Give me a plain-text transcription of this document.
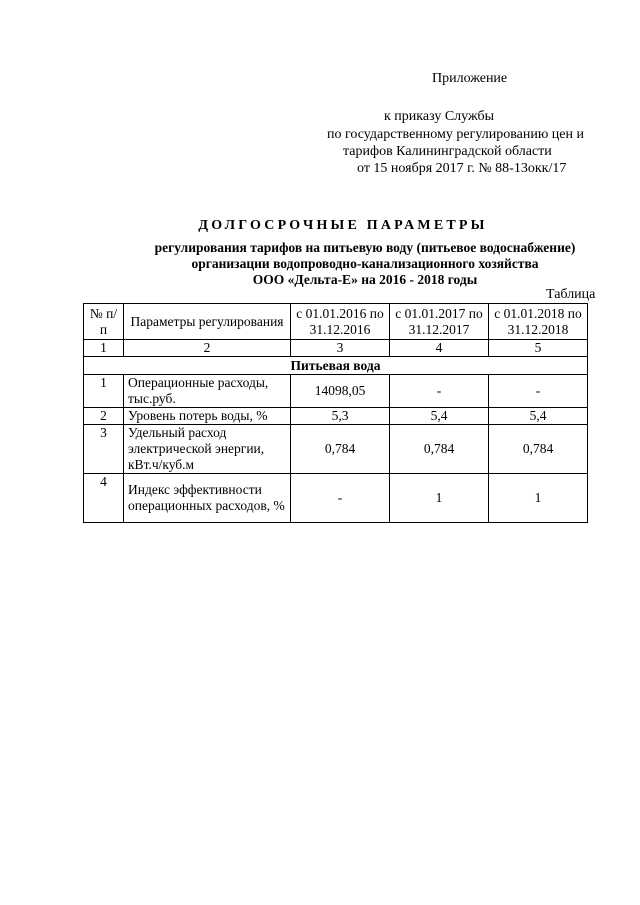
Приложение
к приказу Службы
по государственному регулированию цен и
тарифов Калининградской области
от 15 ноября 2017 г. № 88-13окк/17
ДОЛГОСРОЧНЫЕ ПАРАМЕТРЫ
регулирования тарифов на питьевую воду (питьевое водоснабжение)
организации водопроводно-канализационного хозяйства
ООО «Дельта-Е» на 2016 - 2018 годы
Таблица
№ п/п	Параметры регулирования	с 01.01.2016 по 31.12.2016	с 01.01.2017 по 31.12.2017	с 01.01.2018 по 31.12.2018
1	2	3	4	5
Питьевая вода				
1	Операционные расходы, тыс.руб.	14098,05	-	-
2	Уровень потерь воды, %	5,3	5,4	5,4
3	Удельный расход электрической энергии, кВт.ч/куб.м	0,784	0,784	0,784
4	Индекс эффективности операционных расходов, %	-	1	1
